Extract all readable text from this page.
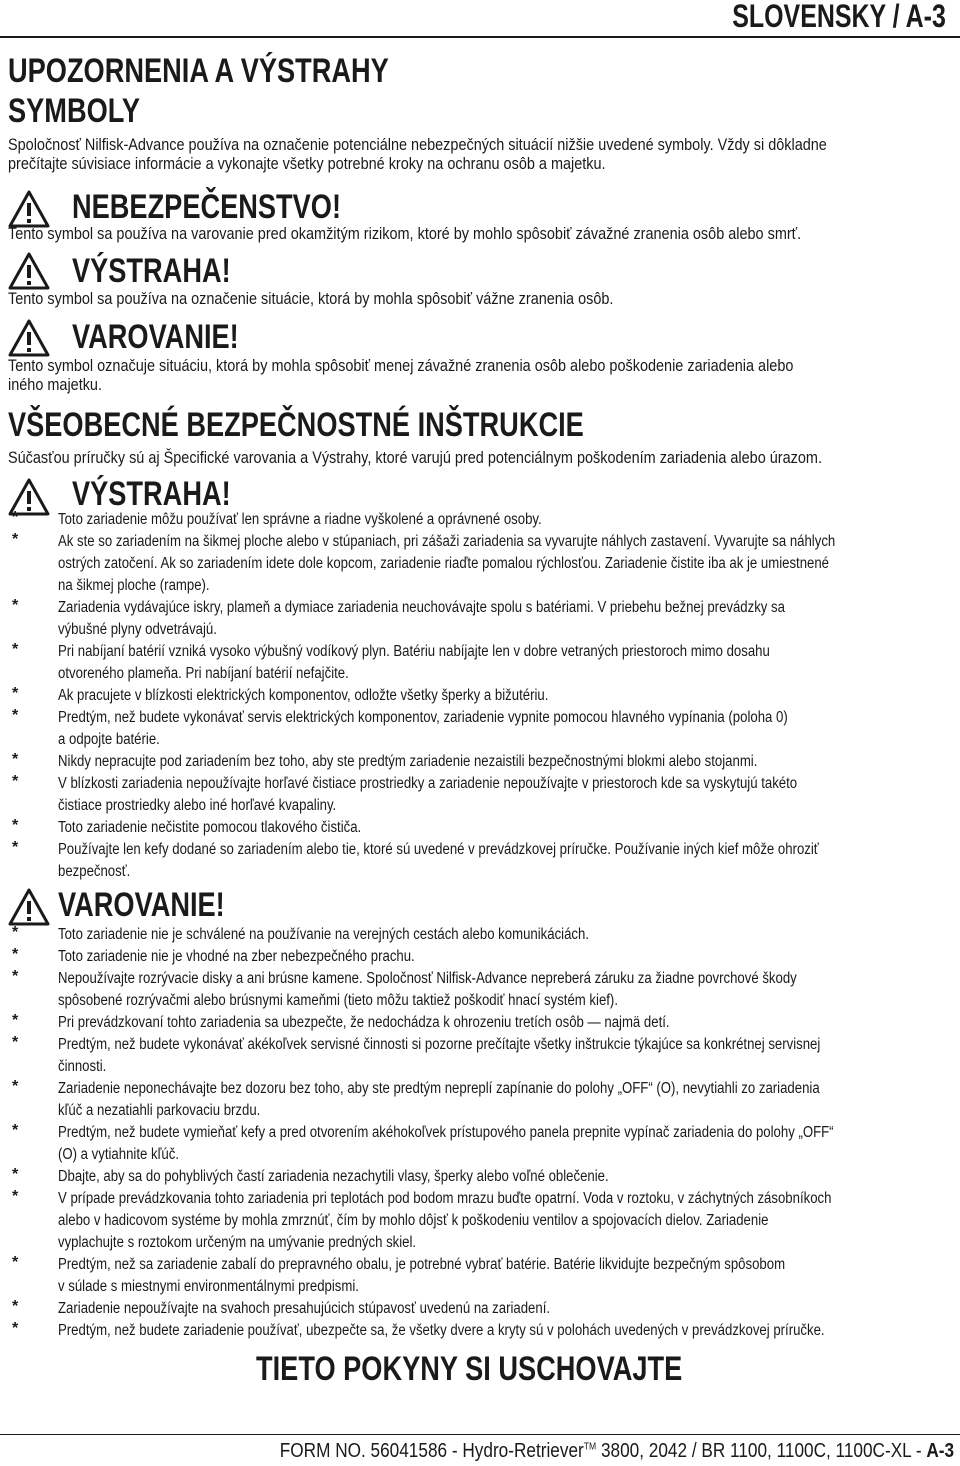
SLOVENSKY / A-3
UPOZORNENIA A VÝSTRAHY
SYMBOLY
Spoločnosť Nilfisk-Advance používa na označenie potenciálne nebezpečných situácií nižšie uvedené symboly. Vždy si dôkladne
prečítajte súvisiace informácie a vykonajte všetky potrebné kroky na ochranu osôb a majetku.
NEBEZPEČENSTVO!
Tento symbol sa používa na varovanie pred okamžitým rizikom, ktoré by mohlo spôsobiť závažné zranenia osôb alebo smrť.
VÝSTRAHA!
Tento symbol sa používa na označenie situácie, ktorá by mohla spôsobiť vážne zranenia osôb.
VAROVANIE!
Tento symbol označuje situáciu, ktorá by mohla spôsobiť menej závažné zranenia osôb alebo poškodenie zariadenia alebo
iného majetku.
VŠEOBECNÉ BEZPEČNOSTNÉ INŠTRUKCIE
Súčasťou príručky sú aj Špecifické varovania a Výstrahy, ktoré varujú pred potenciálnym poškodením zariadenia alebo úrazom.
VÝSTRAHA!
*	Toto zariadenie môžu používať len správne a riadne vyškolené a oprávnené osoby.
*	Ak ste so zariadením na šikmej ploche alebo v stúpaniach, pri zášaži zariadenia sa vyvarujte náhlych zastavení. Vyvarujte sa náhlych
ostrých zatočení. Ak so zariadením idete dole kopcom, zariadenie riaďte pomalou rýchlosťou. Zariadenie čistite iba ak je umiestnené
na šikmej ploche (rampe).
*	Zariadenia vydávajúce iskry, plameň a dymiace zariadenia neuchovávajte spolu s batériami. V priebehu bežnej prevádzky sa
výbušné plyny odvetrávajú.
*	Pri nabíjaní batérií vzniká vysoko výbušný vodíkový plyn. Batériu nabíjajte len v dobre vetraných priestoroch mimo dosahu
otvoreného plameňa. Pri nabíjaní batérií nefajčite.
*	Ak pracujete v blízkosti elektrických komponentov, odložte všetky šperky a bižutériu.
*	Predtým, než budete vykonávať servis elektrických komponentov, zariadenie vypnite pomocou hlavného vypínania (poloha 0)
a odpojte batérie.
*	Nikdy nepracujte pod zariadením bez toho, aby ste predtým zariadenie nezaistili bezpečnostnými blokmi alebo stojanmi.
*	V blízkosti zariadenia nepoužívajte horľavé čistiace prostriedky a zariadenie nepoužívajte v priestoroch kde sa vyskytujú takéto
čistiace prostriedky alebo iné horľavé kvapaliny.
*	Toto zariadenie nečistite pomocou tlakového čističa.
*	Používajte len kefy dodané so zariadením alebo tie, ktoré sú uvedené v prevádzkovej príručke. Používanie iných kief môže ohroziť
bezpečnosť.
VAROVANIE!
*	Toto zariadenie nie je schválené na používanie na verejných cestách alebo komunikáciách.
*	Toto zariadenie nie je vhodné na zber nebezpečného prachu.
*	Nepoužívajte rozrývacie disky a ani brúsne kamene. Spoločnosť Nilfisk-Advance nepreberá záruku za žiadne povrchové škody
spôsobené rozrývačmi alebo brúsnymi kameňmi (tieto môžu taktiež poškodiť hnací systém kief).
*	Pri prevádzkovaní tohto zariadenia sa ubezpečte, že nedochádza k ohrozeniu tretích osôb — najmä detí.
*	Predtým, než budete vykonávať akékoľvek servisné činnosti si pozorne prečítajte všetky inštrukcie týkajúce sa konkrétnej servisnej
činnosti.
*	Zariadenie neponechávajte bez dozoru bez toho, aby ste predtým nepreplí zapínanie do polohy „OFF“ (O), nevytiahli zo zariadenia
kľúč a nezatiahli parkovaciu brzdu.
*	Predtým, než budete vymieňať kefy a pred otvorením akéhokoľvek prístupového panela prepnite vypínač zariadenia do polohy „OFF“
(O) a vytiahnite kľúč.
*	Dbajte, aby sa do pohyblivých častí zariadenia nezachytili vlasy, šperky alebo voľné oblečenie.
*	V prípade prevádzkovania tohto zariadenia pri teplotách pod bodom mrazu buďte opatrní. Voda v roztoku, v záchytných zásobníkoch
alebo v hadicovom systéme by mohla zmrznúť, čím by mohlo dôjsť k poškodeniu ventilov a spojovacích dielov. Zariadenie
vyplachujte s roztokom určeným na umývanie predných skiel.
*	Predtým, než sa zariadenie zabalí do prepravného obalu, je potrebné vybrať batérie. Batérie likvidujte bezpečným spôsobom
v súlade s miestnymi environmentálnymi predpismi.
*	Zariadenie nepoužívajte na svahoch presahujúcich stúpavosť uvedenú na zariadení.
*	Predtým, než budete zariadenie používať, ubezpečte sa, že všetky dvere a kryty sú v polohách uvedených v prevádzkovej príručke.
TIETO POKYNY SI USCHOVAJTE
FORM NO. 56041586 - Hydro-Retriever™ 3800, 2042 / BR 1100, 1100C, 1100C-XL - A-3
